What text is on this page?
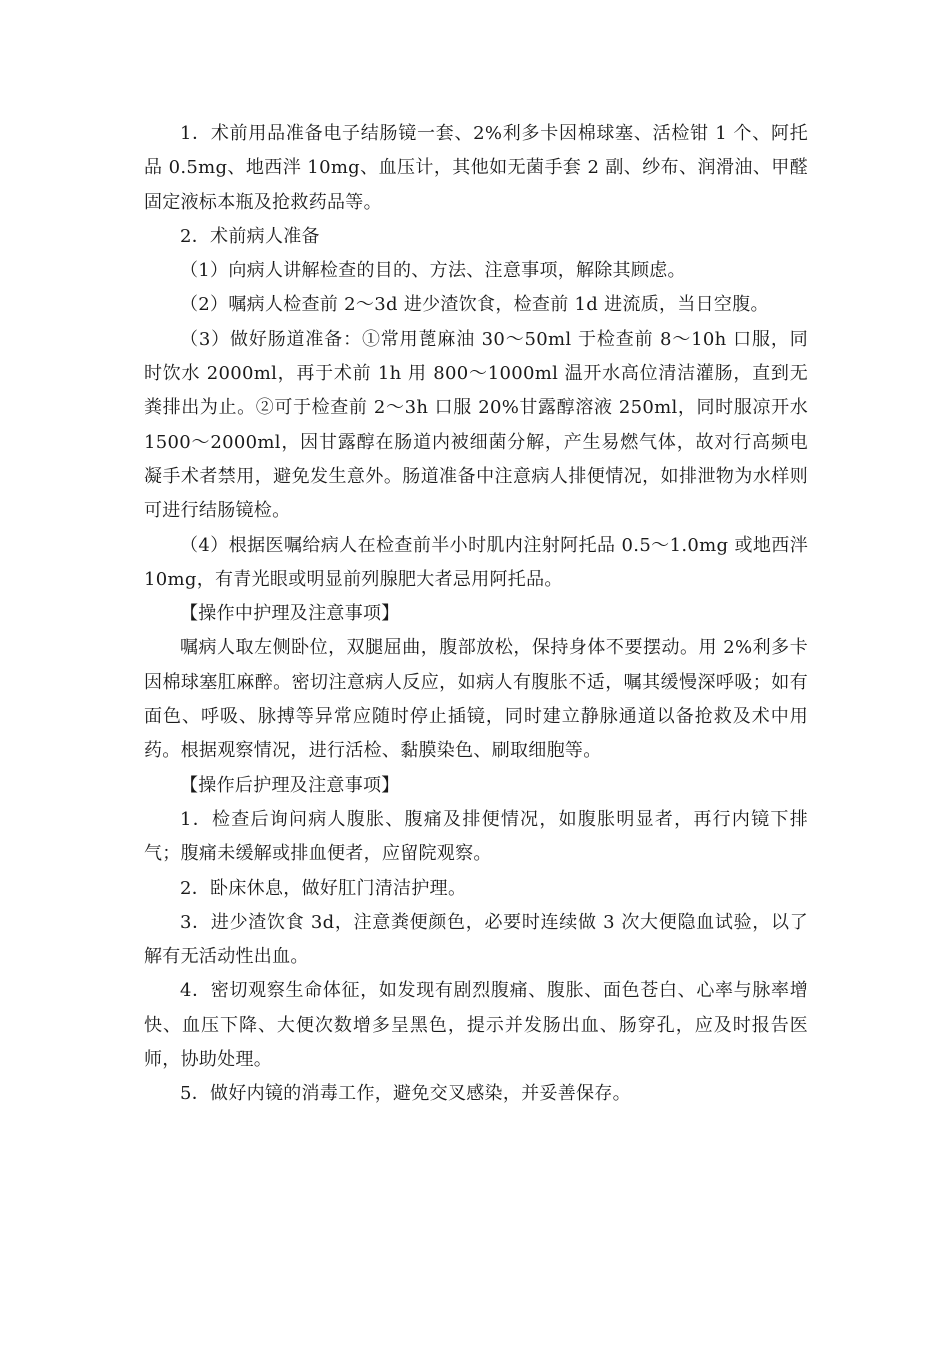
1．术前用品准备电子结肠镜一套、2%利多卡因棉球塞、活检钳 1 个、阿托品 0.5mg、地西泮 10mg、血压计，其他如无菌手套 2 副、纱布、润滑油、甲醛固定液标本瓶及抢救药品等。

2．术前病人准备

（1）向病人讲解检查的目的、方法、注意事项，解除其顾虑。

（2）嘱病人检查前 2～3d 进少渣饮食，检查前 1d 进流质，当日空腹。

（3）做好肠道准备：①常用蓖麻油 30～50ml 于检查前 8～10h 口服，同时饮水 2000ml，再于术前 1h 用 800～1000ml 温开水高位清洁灌肠，直到无粪排出为止。②可于检查前 2～3h 口服 20%甘露醇溶液 250ml，同时服凉开水 1500～2000ml，因甘露醇在肠道内被细菌分解，产生易燃气体，故对行高频电凝手术者禁用，避免发生意外。肠道准备中注意病人排便情况，如排泄物为水样则可进行结肠镜检。

（4）根据医嘱给病人在检查前半小时肌内注射阿托品 0.5～1.0mg 或地西泮 10mg，有青光眼或明显前列腺肥大者忌用阿托品。

【操作中护理及注意事项】

嘱病人取左侧卧位，双腿屈曲，腹部放松，保持身体不要摆动。用 2%利多卡因棉球塞肛麻醉。密切注意病人反应，如病人有腹胀不适，嘱其缓慢深呼吸；如有面色、呼吸、脉搏等异常应随时停止插镜，同时建立静脉通道以备抢救及术中用药。根据观察情况，进行活检、黏膜染色、刷取细胞等。

【操作后护理及注意事项】

1．检查后询问病人腹胀、腹痛及排便情况，如腹胀明显者，再行内镜下排气；腹痛未缓解或排血便者，应留院观察。

2．卧床休息，做好肛门清洁护理。

3．进少渣饮食 3d，注意粪便颜色，必要时连续做 3 次大便隐血试验，以了解有无活动性出血。

4．密切观察生命体征，如发现有剧烈腹痛、腹胀、面色苍白、心率与脉率增快、血压下降、大便次数增多呈黑色，提示并发肠出血、肠穿孔，应及时报告医师，协助处理。

5．做好内镜的消毒工作，避免交叉感染，并妥善保存。
